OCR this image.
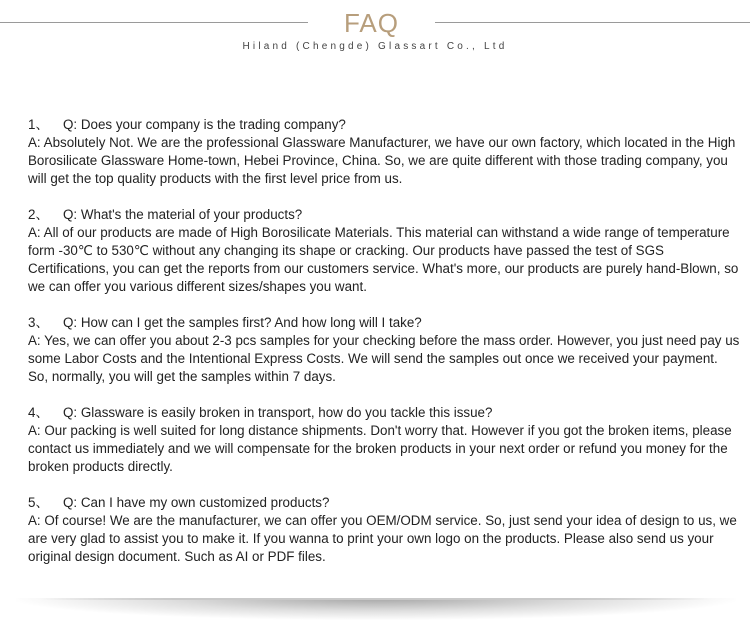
FAQ
Hiland (Chengde) Glassart Co., Ltd
1、 Q: Does your company is the trading company?
A: Absolutely Not. We are the professional Glassware Manufacturer, we have our own factory, which located in the High Borosilicate Glassware Home-town, Hebei Province, China. So, we are quite different with those trading company, you will get the top quality products with the first level price from us.
2、 Q: What's the material of your products?
A: All of our products are made of High Borosilicate Materials. This material can withstand a wide range of temperature form -30℃ to 530℃ without any changing its shape or cracking. Our products have passed the test of SGS Certifications, you can get the reports from our customers service. What's more, our products are purely hand-Blown, so we can offer you various different sizes/shapes you want.
3、 Q: How can I get the samples first? And how long will I take?
A: Yes, we can offer you about 2-3 pcs samples for your checking before the mass order. However, you just need pay us some Labor Costs and the Intentional Express Costs. We will send the samples out once we received your payment. So, normally, you will get the samples within 7 days.
4、 Q: Glassware is easily broken in transport, how do you tackle this issue?
A: Our packing is well suited for long distance shipments. Don't worry that. However if you got the broken items, please contact us immediately and we will compensate for the broken products in your next order or refund you money for the broken products directly.
5、 Q: Can I have my own customized products?
A: Of course! We are the manufacturer, we can offer you OEM/ODM service. So, just send your idea of design to us, we are very glad to assist you to make it. If you wanna to print your own logo on the products. Please also send us your original design document. Such as AI or PDF files.
